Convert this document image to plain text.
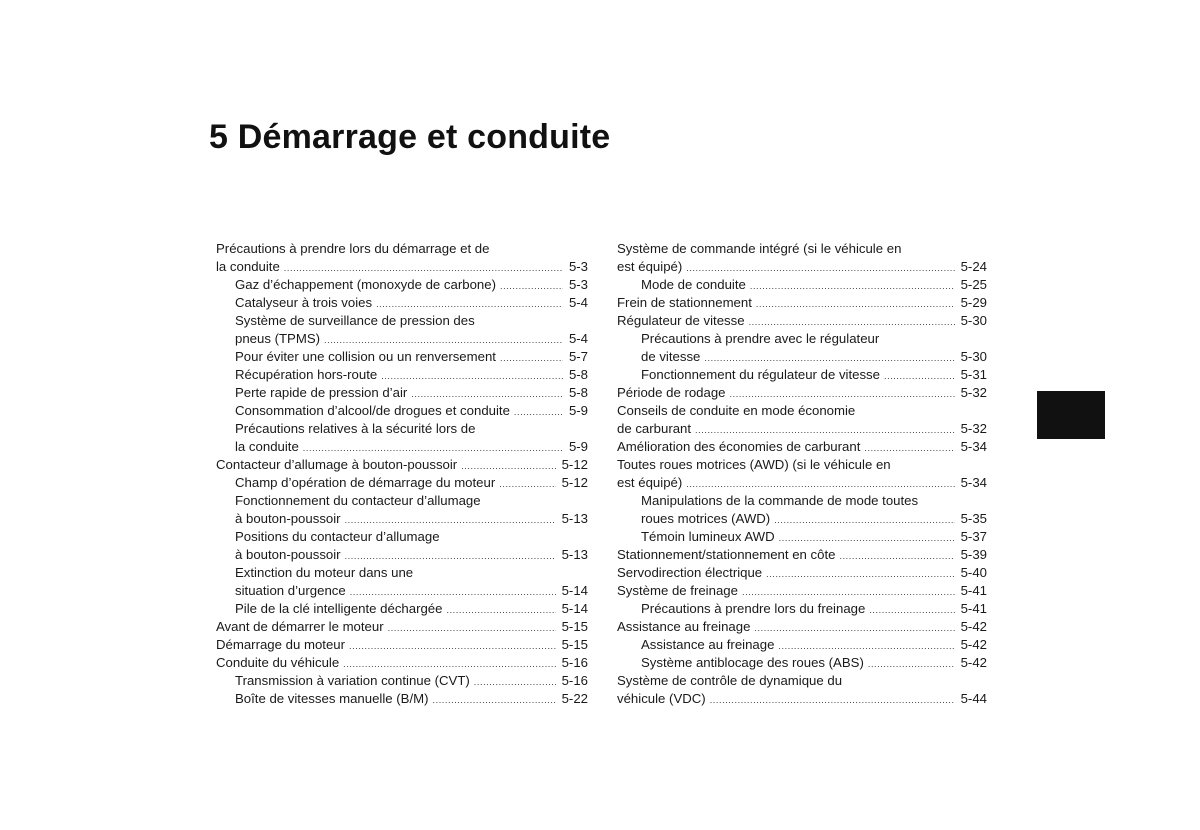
5 Démarrage et conduite
Précautions à prendre lors du démarrage et de
la conduite .....	5-3
Gaz d’échappement (monoxyde de carbone) .....	5-3
Catalyseur à trois voies .....	5-4
Système de surveillance de pression des
pneus (TPMS) .....	5-4
Pour éviter une collision ou un renversement .....	5-7
Récupération hors-route .....	5-8
Perte rapide de pression d’air .....	5-8
Consommation d’alcool/de drogues et conduite .....	5-9
Précautions relatives à la sécurité lors de
la conduite .....	5-9
Contacteur d’allumage à bouton-poussoir .....	5-12
Champ d’opération de démarrage du moteur .....	5-12
Fonctionnement du contacteur d’allumage
à bouton-poussoir .....	5-13
Positions du contacteur d’allumage
à bouton-poussoir .....	5-13
Extinction du moteur dans une
situation d’urgence .....	5-14
Pile de la clé intelligente déchargée .....	5-14
Avant de démarrer le moteur .....	5-15
Démarrage du moteur .....	5-15
Conduite du véhicule .....	5-16
Transmission à variation continue (CVT) .....	5-16
Boîte de vitesses manuelle (B/M) .....	5-22
Système de commande intégré (si le véhicule en
est équipé) .....	5-24
Mode de conduite .....	5-25
Frein de stationnement .....	5-29
Régulateur de vitesse .....	5-30
Précautions à prendre avec le régulateur
de vitesse .....	5-30
Fonctionnement du régulateur de vitesse .....	5-31
Période de rodage .....	5-32
Conseils de conduite en mode économie
de carburant .....	5-32
Amélioration des économies de carburant .....	5-34
Toutes roues motrices (AWD) (si le véhicule en
est équipé) .....	5-34
Manipulations de la commande de mode toutes
roues motrices (AWD) .....	5-35
Témoin lumineux AWD .....	5-37
Stationnement/stationnement en côte .....	5-39
Servodirection électrique .....	5-40
Système de freinage .....	5-41
Précautions à prendre lors du freinage .....	5-41
Assistance au freinage .....	5-42
Assistance au freinage .....	5-42
Système antiblocage des roues (ABS) .....	5-42
Système de contrôle de dynamique du
véhicule (VDC) .....	5-44
